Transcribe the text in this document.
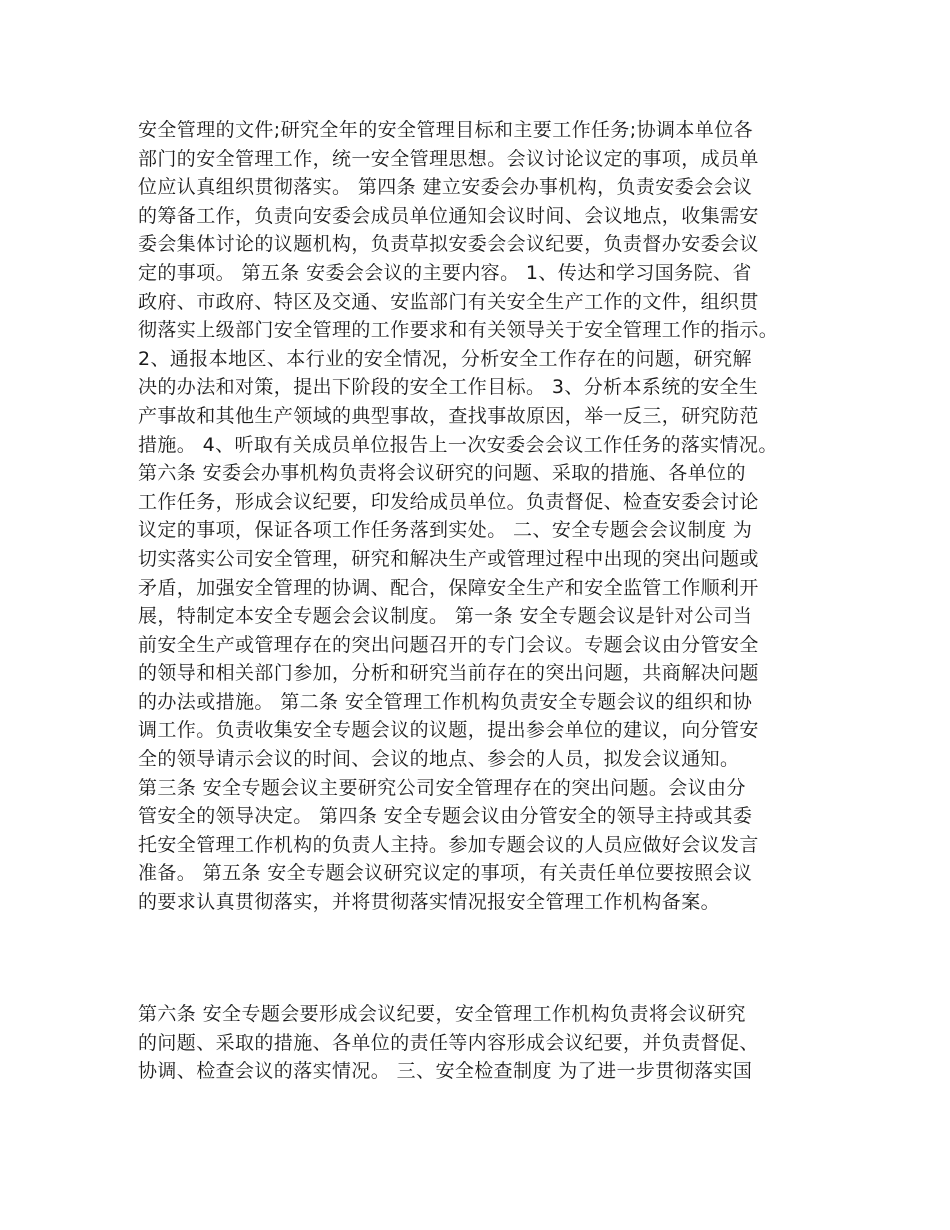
安全管理的文件;研究全年的安全管理目标和主要工作任务;协调本单位各
部门的安全管理工作，统一安全管理思想。会议讨论议定的事项，成员单
位应认真组织贯彻落实。 第四条 建立安委会办事机构，负责安委会会议
的筹备工作，负责向安委会成员单位通知会议时间、会议地点，收集需安
委会集体讨论的议题机构，负责草拟安委会会议纪要，负责督办安委会议
定的事项。 第五条 安委会会议的主要内容。 1、传达和学习国务院、省
政府、市政府、特区及交通、安监部门有关安全生产工作的文件，组织贯
彻落实上级部门安全管理的工作要求和有关领导关于安全管理工作的指示。
2、通报本地区、本行业的安全情况，分析安全工作存在的问题，研究解
决的办法和对策，提出下阶段的安全工作目标。 3、分析本系统的安全生
产事故和其他生产领域的典型事故，查找事故原因，举一反三，研究防范
措施。 4、听取有关成员单位报告上一次安委会会议工作任务的落实情况。
第六条 安委会办事机构负责将会议研究的问题、采取的措施、各单位的
工作任务，形成会议纪要，印发给成员单位。负责督促、检查安委会讨论
议定的事项，保证各项工作任务落到实处。 二、安全专题会会议制度 为
切实落实公司安全管理，研究和解决生产或管理过程中出现的突出问题或
矛盾，加强安全管理的协调、配合，保障安全生产和安全监管工作顺利开
展，特制定本安全专题会会议制度。 第一条 安全专题会议是针对公司当
前安全生产或管理存在的突出问题召开的专门会议。专题会议由分管安全
的领导和相关部门参加，分析和研究当前存在的突出问题，共商解决问题
的办法或措施。 第二条 安全管理工作机构负责安全专题会议的组织和协
调工作。负责收集安全专题会议的议题，提出参会单位的建议，向分管安
全的领导请示会议的时间、会议的地点、参会的人员，拟发会议通知。
第三条 安全专题会议主要研究公司安全管理存在的突出问题。会议由分
管安全的领导决定。 第四条 安全专题会议由分管安全的领导主持或其委
托安全管理工作机构的负责人主持。参加专题会议的人员应做好会议发言
准备。 第五条 安全专题会议研究议定的事项，有关责任单位要按照会议
的要求认真贯彻落实，并将贯彻落实情况报安全管理工作机构备案。
第六条 安全专题会要形成会议纪要，安全管理工作机构负责将会议研究
的问题、采取的措施、各单位的责任等内容形成会议纪要，并负责督促、
协调、检查会议的落实情况。 三、安全检查制度 为了进一步贯彻落实国
